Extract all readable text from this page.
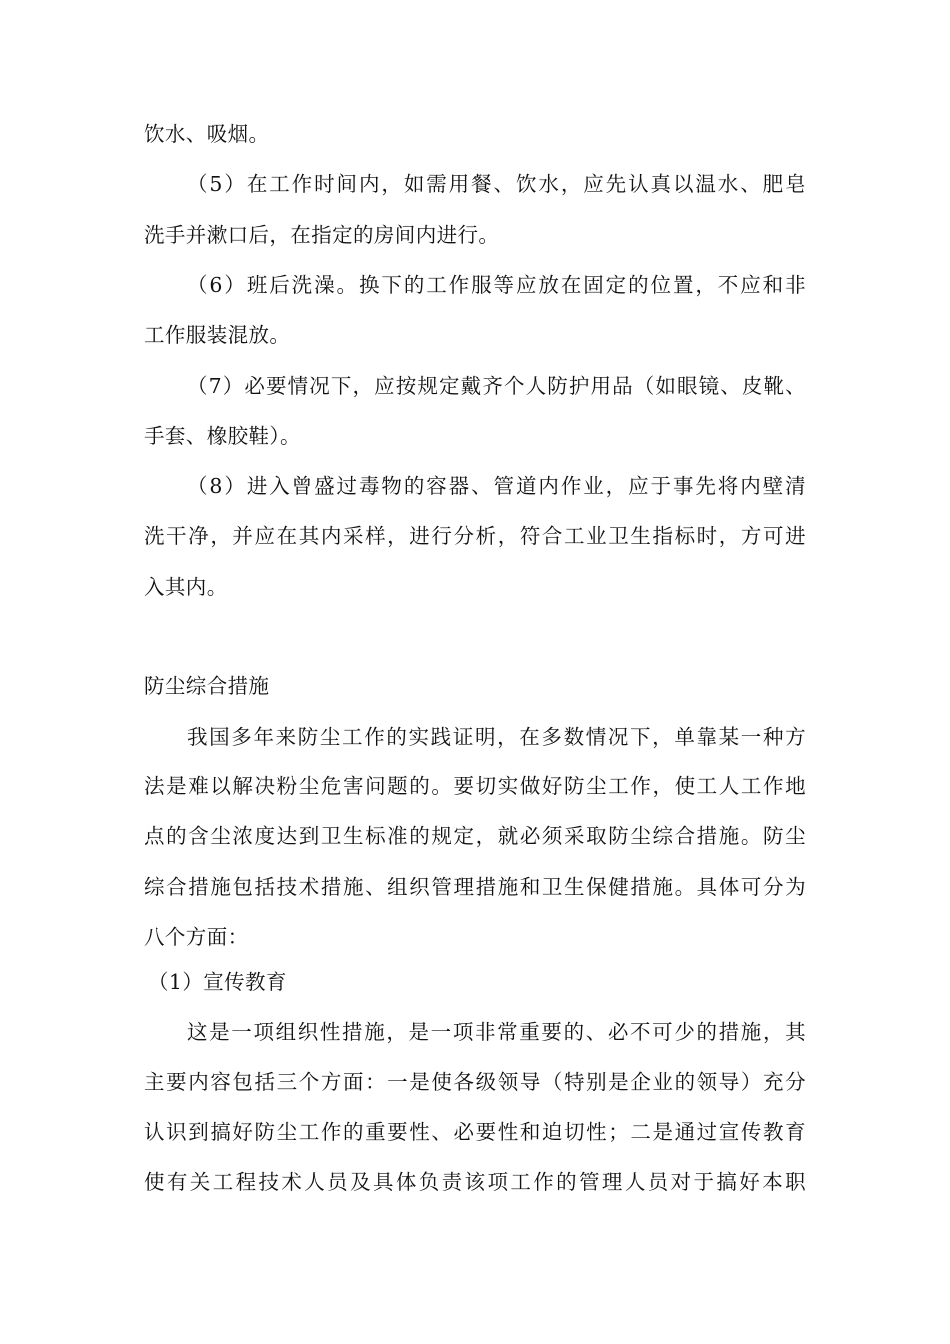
饮水、吸烟。
（5）在工作时间内，如需用餐、饮水，应先认真以温水、肥皂
洗手并漱口后，在指定的房间内进行。
（6）班后洗澡。换下的工作服等应放在固定的位置，不应和非
工作服装混放。
（7）必要情况下，应按规定戴齐个人防护用品（如眼镜、皮靴、
手套、橡胶鞋）。
（8）进入曾盛过毒物的容器、管道内作业，应于事先将内壁清
洗干净，并应在其内采样，进行分析，符合工业卫生指标时，方可进
入其内。
防尘综合措施
我国多年来防尘工作的实践证明，在多数情况下，单靠某一种方
法是难以解决粉尘危害问题的。要切实做好防尘工作，使工人工作地
点的含尘浓度达到卫生标准的规定，就必须采取防尘综合措施。防尘
综合措施包括技术措施、组织管理措施和卫生保健措施。具体可分为
八个方面：
（1）宣传教育
这是一项组织性措施，是一项非常重要的、必不可少的措施，其
主要内容包括三个方面：一是使各级领导（特别是企业的领导）充分
认识到搞好防尘工作的重要性、必要性和迫切性；二是通过宣传教育
使有关工程技术人员及具体负责该项工作的管理人员对于搞好本职
